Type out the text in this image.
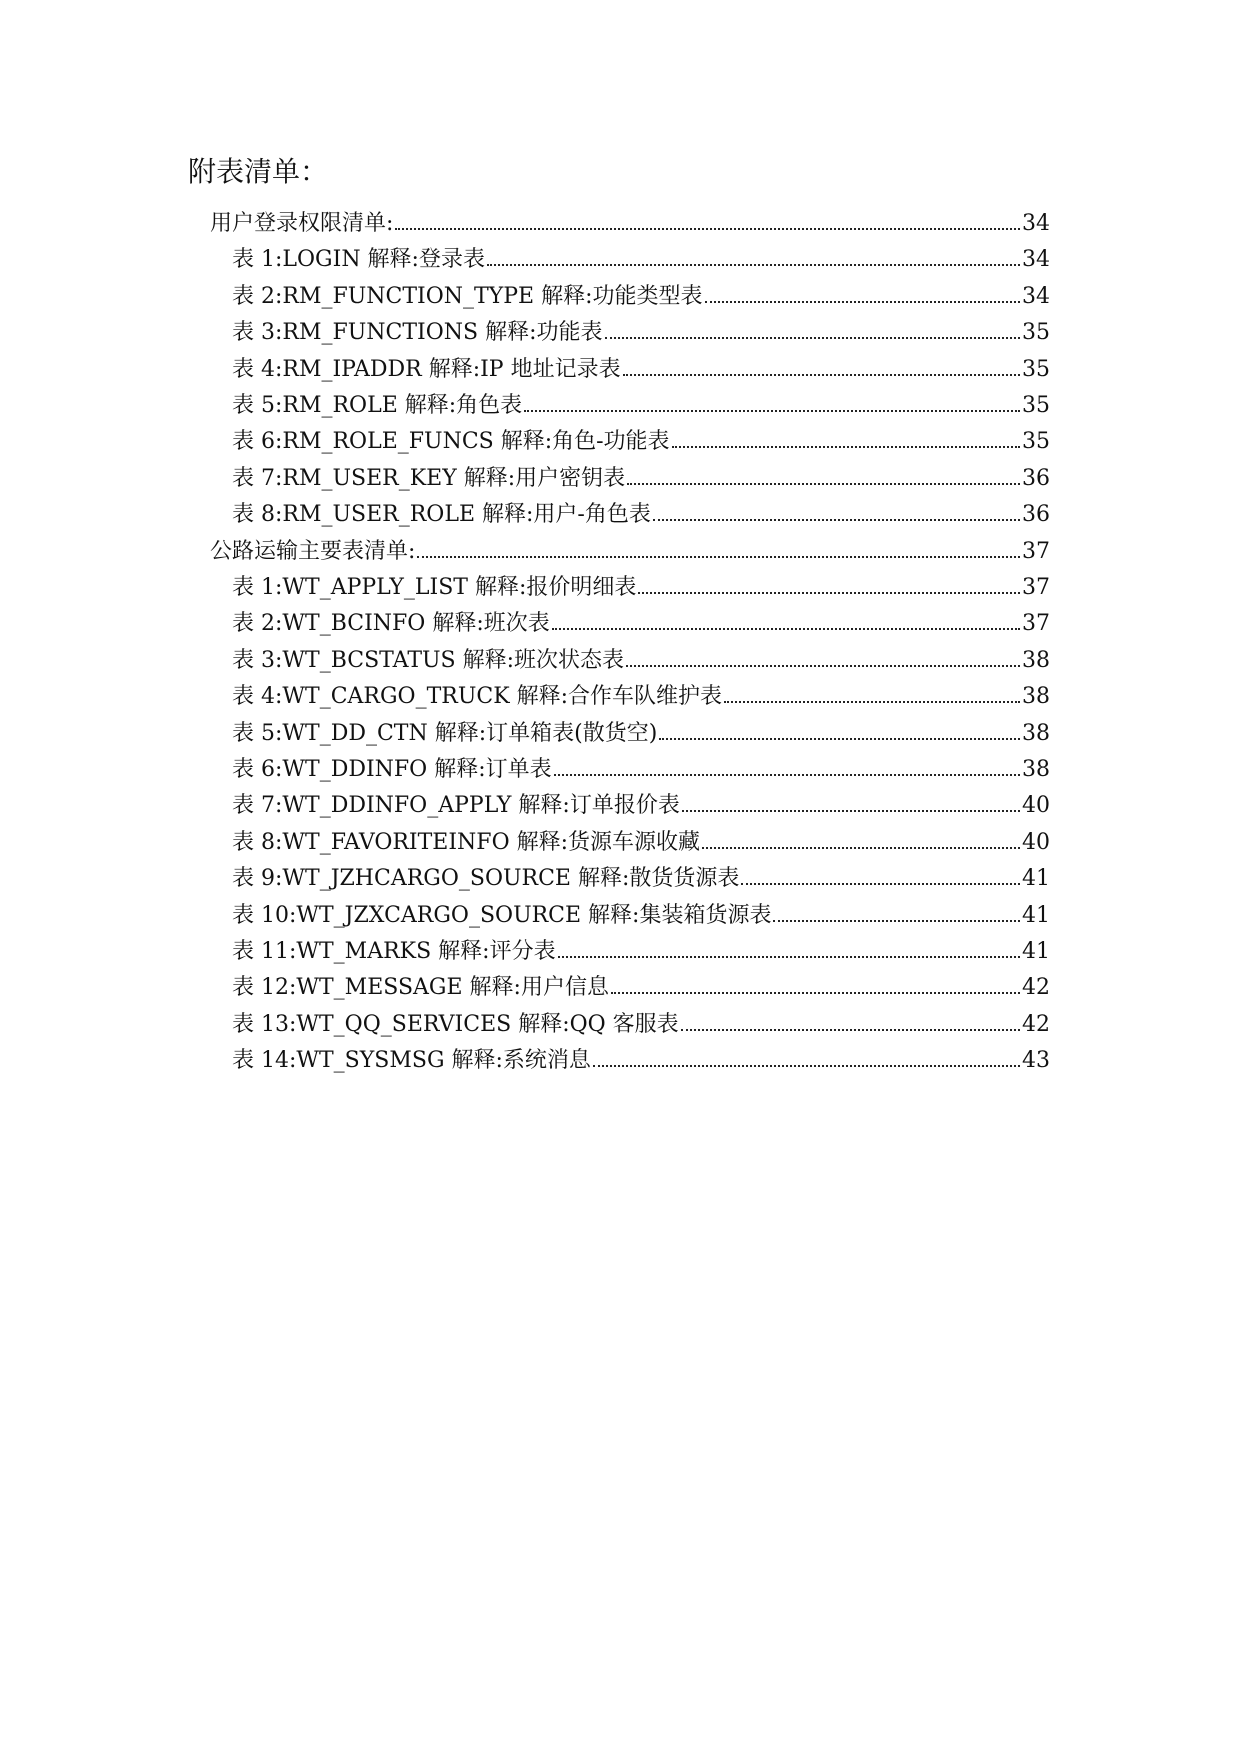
附表清单：
用户登录权限清单:	34
表 1:LOGIN 解释:登录表	34
表 2:RM_FUNCTION_TYPE 解释:功能类型表	34
表 3:RM_FUNCTIONS 解释:功能表	35
表 4:RM_IPADDR 解释:IP 地址记录表	35
表 5:RM_ROLE 解释:角色表	35
表 6:RM_ROLE_FUNCS 解释:角色-功能表	35
表 7:RM_USER_KEY 解释:用户密钥表	36
表 8:RM_USER_ROLE 解释:用户-角色表	36
公路运输主要表清单:	37
表 1:WT_APPLY_LIST 解释:报价明细表	37
表 2:WT_BCINFO 解释:班次表	37
表 3:WT_BCSTATUS 解释:班次状态表	38
表 4:WT_CARGO_TRUCK 解释:合作车队维护表	38
表 5:WT_DD_CTN 解释:订单箱表(散货空)	38
表 6:WT_DDINFO 解释:订单表	38
表 7:WT_DDINFO_APPLY 解释:订单报价表	40
表 8:WT_FAVORITEINFO 解释:货源车源收藏	40
表 9:WT_JZHCARGO_SOURCE 解释:散货货源表	41
表 10:WT_JZXCARGO_SOURCE 解释:集装箱货源表	41
表 11:WT_MARKS 解释:评分表	41
表 12:WT_MESSAGE 解释:用户信息	42
表 13:WT_QQ_SERVICES 解释:QQ 客服表	42
表 14:WT_SYSMSG 解释:系统消息	43
